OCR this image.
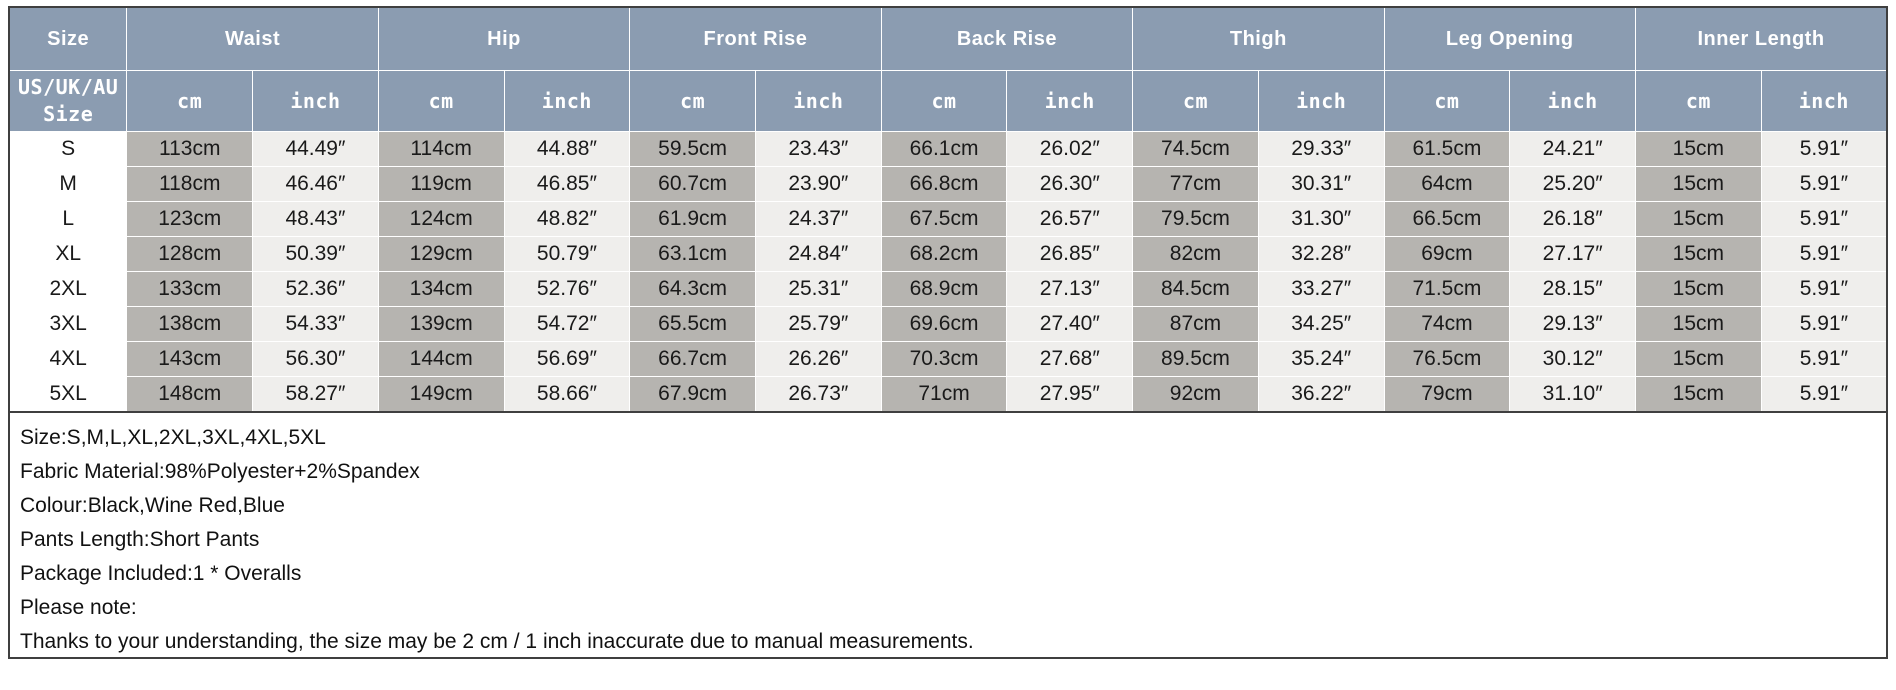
Size	Waist		Hip		Front Rise		Back Rise		Thigh		Leg Opening		Inner Length	
US/UK/AU
Size	cm	inch	cm	inch	cm	inch	cm	inch	cm	inch	cm	inch	cm	inch
S	113cm	44.49″	114cm	44.88″	59.5cm	23.43″	66.1cm	26.02″	74.5cm	29.33″	61.5cm	24.21″	15cm	5.91″
M	118cm	46.46″	119cm	46.85″	60.7cm	23.90″	66.8cm	26.30″	77cm	30.31″	64cm	25.20″	15cm	5.91″
L	123cm	48.43″	124cm	48.82″	61.9cm	24.37″	67.5cm	26.57″	79.5cm	31.30″	66.5cm	26.18″	15cm	5.91″
XL	128cm	50.39″	129cm	50.79″	63.1cm	24.84″	68.2cm	26.85″	82cm	32.28″	69cm	27.17″	15cm	5.91″
2XL	133cm	52.36″	134cm	52.76″	64.3cm	25.31″	68.9cm	27.13″	84.5cm	33.27″	71.5cm	28.15″	15cm	5.91″
3XL	138cm	54.33″	139cm	54.72″	65.5cm	25.79″	69.6cm	27.40″	87cm	34.25″	74cm	29.13″	15cm	5.91″
4XL	143cm	56.30″	144cm	56.69″	66.7cm	26.26″	70.3cm	27.68″	89.5cm	35.24″	76.5cm	30.12″	15cm	5.91″
5XL	148cm	58.27″	149cm	58.66″	67.9cm	26.73″	71cm	27.95″	92cm	36.22″	79cm	31.10″	15cm	5.91″
Size:S,M,L,XL,2XL,3XL,4XL,5XL
Fabric Material:98%Polyester+2%Spandex
Colour:Black,Wine Red,Blue
Pants Length:Short Pants
Package Included:1 * Overalls
Please note:
Thanks to your understanding, the size may be 2 cm / 1 inch inaccurate due to manual measurements.
